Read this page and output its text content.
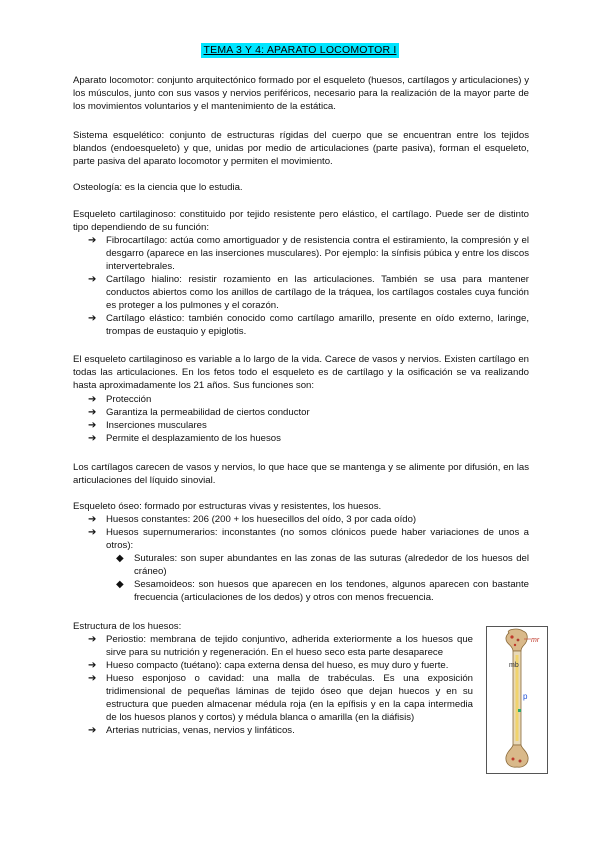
TEMA 3 Y 4: APARATO LOCOMOTOR I
Aparato locomotor: conjunto arquitectónico formado por el esqueleto (huesos, cartílagos y articulaciones) y los músculos, junto con sus vasos y nervios periféricos, necesario para la realización de la mayor parte de los movimientos voluntarios y el mantenimiento de la estática.
Sistema esquelético: conjunto de estructuras rígidas del cuerpo que se encuentran entre los tejidos blandos (endoesqueleto) y que, unidas por medio de articulaciones (parte pasiva), forman el esqueleto, parte pasiva del aparato locomotor y permiten el movimiento.
Osteología: es la ciencia que lo estudia.
Esqueleto cartilaginoso: constituido por tejido resistente pero elástico, el cartílago. Puede ser de distinto tipo dependiendo de su función:
➔ Fibrocartílago: actúa como amortiguador y de resistencia contra el estiramiento, la compresión y el desgarro (aparece en las inserciones musculares). Por ejemplo: la sínfisis púbica y entre los discos intervertebrales.
➔ Cartílago hialino: resistir rozamiento en las articulaciones. También se usa para mantener conductos abiertos como los anillos de cartílago de la tráquea, los cartílagos costales cuya función es proteger a los pulmones y el corazón.
➔ Cartílago elástico: también conocido como cartílago amarillo, presente en oído externo, laringe, trompas de eustaquio y epiglotis.
El esqueleto cartilaginoso es variable a lo largo de la vida. Carece de vasos y nervios. Existen cartílago en todas las articulaciones. En los fetos todo el esqueleto es de cartílago y la osificación se va realizando hasta aproximadamente los 21 años. Sus funciones son:
➔ Protección
➔ Garantiza la permeabilidad de ciertos conductor
➔ Inserciones musculares
➔ Permite el desplazamiento de los huesos
Los cartílagos carecen de vasos y nervios, lo que hace que se mantenga y se alimente por difusión, en las articulaciones del líquido sinovial.
Esqueleto óseo: formado por estructuras vivas y resistentes, los huesos.
➔ Huesos constantes: 206 (200 + los huesecillos del oído, 3 por cada oído)
➔ Huesos supernumerarios: inconstantes (no somos clónicos puede haber variaciones de unos a otros):
◆ Suturales: son super abundantes en las zonas de las suturas (alrededor de los huesos del cráneo)
◆ Sesamoideos: son huesos que aparecen en los tendones, algunos aparecen con bastante frecuencia (articulaciones de los dedos) y otros con menos frecuencia.
Estructura de los huesos:
➔ Periostio: membrana de tejido conjuntivo, adherida exteriormente a los huesos que sirve para su nutrición y regeneración. En el hueso seco esta parte desaparece
➔ Hueso compacto (tuétano): capa externa densa del hueso, es muy duro y fuerte.
➔ Hueso esponjoso o cavidad: una malla de trabéculas. Es una exposición tridimensional de pequeñas láminas de tejido óseo que dejan huecos y en su estructura que pueden almacenar médula roja (en la epífisis y en la capa intermedia de los huesos planos y cortos) y médula blanca o amarilla (en la diáfisis)
➔ Arterias nutricias, venas, nervios y linfáticos.
mr
mb
p
